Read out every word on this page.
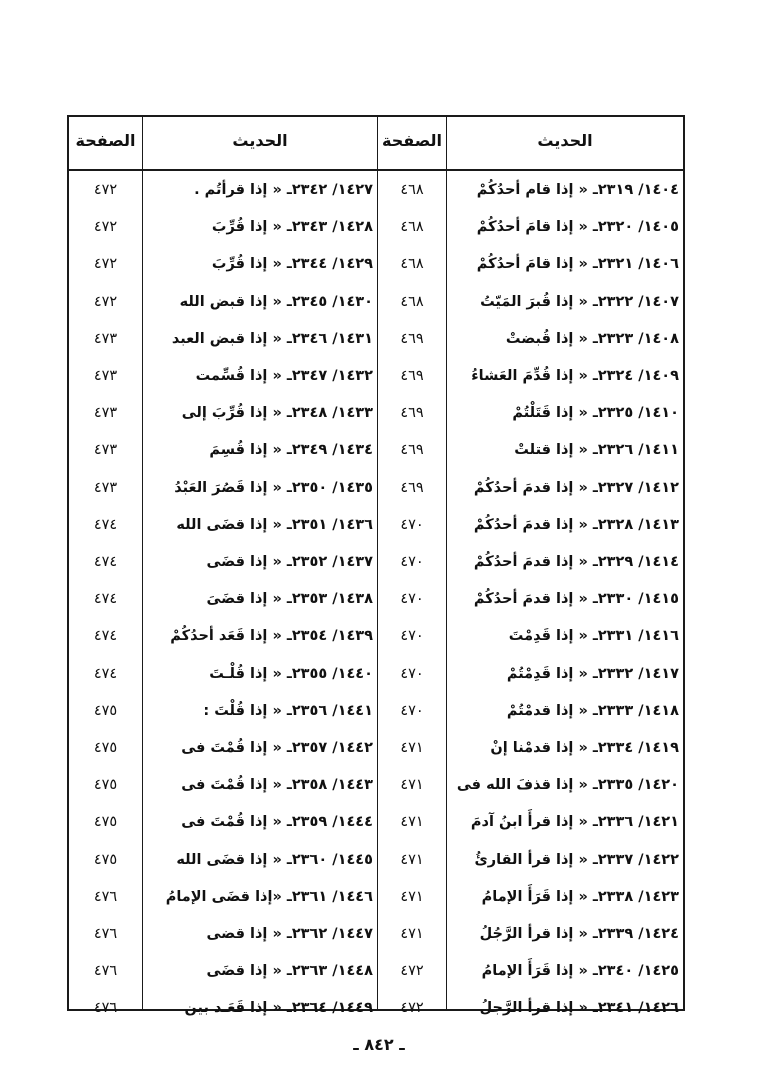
الحديث
الصفحة
الحديث
الصفحة
١٤٠٤/ ٢٣١٩ـ « إذا قام أحدُكُمْ
٤٦٨
١٤٢٧/ ٢٣٤٢ـ « إذا قرأتُم .
٤٧٢
١٤٠٥/ ٢٣٢٠ـ « إذا قامَ أحدُكُمْ
٤٦٨
١٤٢٨/ ٢٣٤٣ـ « إذا قُرِّبَ
٤٧٢
١٤٠٦/ ٢٣٢١ـ « إذا قامَ أحدُكُمْ
٤٦٨
١٤٢٩/ ٢٣٤٤ـ « إذا قُرِّبَ
٤٧٢
١٤٠٧/ ٢٣٢٢ـ « إذا قُبرَ المَيّتُ
٤٦٨
١٤٣٠/ ٢٣٤٥ـ « إذا قبض الله
٤٧٢
١٤٠٨/ ٢٣٢٣ـ « إذا قُبضتْ
٤٦٩
١٤٣١/ ٢٣٤٦ـ « إذا قبض العبد
٤٧٣
١٤٠٩/ ٢٣٢٤ـ « إذا قُدِّمَ العَشاءُ
٤٦٩
١٤٣٢/ ٢٣٤٧ـ « إذا قُسِّمت
٤٧٣
١٤١٠/ ٢٣٢٥ـ « إذا قَتَلْتُمْ
٤٦٩
١٤٣٣/ ٢٣٤٨ـ « إذا قُرِّبَ إلى
٤٧٣
١٤١١/ ٢٣٢٦ـ « إذا قتلتْ
٤٦٩
١٤٣٤/ ٢٣٤٩ـ « إذا قُسِمَ
٤٧٣
١٤١٢/ ٢٣٢٧ـ « إذا قدمَ أحدُكُمْ
٤٦٩
١٤٣٥/ ٢٣٥٠ـ « إذا قَصُرَ العَبْدُ
٤٧٣
١٤١٣/ ٢٣٢٨ـ « إذا قدمَ أحدُكُمْ
٤٧٠
١٤٣٦/ ٢٣٥١ـ « إذا قضَى الله
٤٧٤
١٤١٤/ ٢٣٢٩ـ « إذا قدمَ أحدُكُمْ
٤٧٠
١٤٣٧/ ٢٣٥٢ـ « إذا قضَى
٤٧٤
١٤١٥/ ٢٣٣٠ـ « إذا قدمَ أحدُكُمْ
٤٧٠
١٤٣٨/ ٢٣٥٣ـ « إذا قضَىَ
٤٧٤
١٤١٦/ ٢٣٣١ـ « إذا قَدِمْتَ
٤٧٠
١٤٣٩/ ٢٣٥٤ـ « إذا قَعَد أحدُكُمْ
٤٧٤
١٤١٧/ ٢٣٣٢ـ « إذا قَدِمْتُمْ
٤٧٠
١٤٤٠/ ٢٣٥٥ـ « إذا قُلْـتَ
٤٧٤
١٤١٨/ ٢٣٣٣ـ « إذا قدمْتُمْ
٤٧٠
١٤٤١/ ٢٣٥٦ـ « إذا قُلْتَ :
٤٧٥
١٤١٩/ ٢٣٣٤ـ « إذا قدمْنا إنْ
٤٧١
١٤٤٢/ ٢٣٥٧ـ « إذا قُمْتَ فى
٤٧٥
١٤٢٠/ ٢٣٣٥ـ « إذا قذفَ الله فى
٤٧١
١٤٤٣/ ٢٣٥٨ـ « إذا قُمْتَ فى
٤٧٥
١٤٢١/ ٢٣٣٦ـ « إذا قرأَ ابنُ آدمَ
٤٧١
١٤٤٤/ ٢٣٥٩ـ « إذا قُمْتَ فى
٤٧٥
١٤٢٢/ ٢٣٣٧ـ « إذا قرأ القارئُ
٤٧١
١٤٤٥/ ٢٣٦٠ـ « إذا قضَى الله
٤٧٥
١٤٢٣/ ٢٣٣٨ـ « إذا قَرَأَ الإمامُ
٤٧١
١٤٤٦/ ٢٣٦١ـ «إذا قضَى الإمامُ
٤٧٦
١٤٢٤/ ٢٣٣٩ـ « إذا قرأ الرَّجُلُ
٤٧١
١٤٤٧/ ٢٣٦٢ـ « إذا قضى
٤٧٦
١٤٢٥/ ٢٣٤٠ـ « إذا قَرَأَ الإمامُ
٤٧٢
١٤٤٨/ ٢٣٦٣ـ « إذا قضَى
٤٧٦
١٤٢٦/ ٢٣٤١ـ « إذا قرأ الرَّجلُ
٤٧٢
١٤٤٩/ ٢٣٦٤ـ « إذا قَعَـد بين
٤٧٦
ـ ٨٤٢ ـ
